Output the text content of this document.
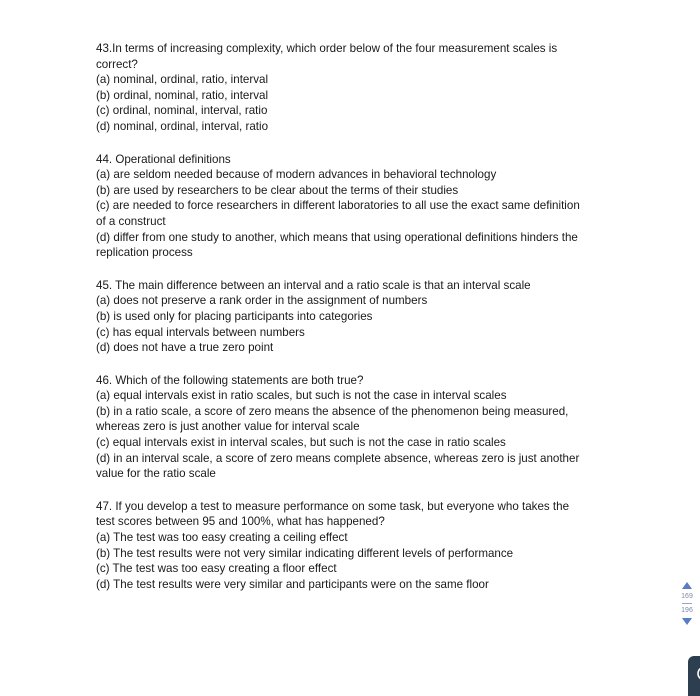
43.In terms of increasing complexity, which order below of the four measurement scales is
correct?
(a) nominal, ordinal, ratio, interval
(b) ordinal, nominal, ratio, interval
(c) ordinal, nominal, interval, ratio
(d) nominal, ordinal, interval, ratio
44. Operational definitions
(a) are seldom needed because of modern advances in behavioral technology
(b) are used by researchers to be clear about the terms of their studies
(c) are needed to force researchers in different laboratories to all use the exact same definition
of a construct
(d) differ from one study to another, which means that using operational definitions hinders the
replication process
45. The main difference between an interval and a ratio scale is that an interval scale
(a) does not preserve a rank order in the assignment of numbers
(b) is used only for placing participants into categories
(c) has equal intervals between numbers
(d) does not have a true zero point
46. Which of the following statements are both true?
(a) equal intervals exist in ratio scales, but such is not the case in interval scales
(b) in a ratio scale, a score of zero means the absence of the phenomenon being measured,
whereas zero is just another value for interval scale
(c) equal intervals exist in interval scales, but such is not the case in ratio scales
(d) in an interval scale, a score of zero means complete absence, whereas zero is just another
value for the ratio scale
47. If you develop a test to measure performance on some task, but everyone who takes the
test scores between 95 and 100%, what has happened?
(a) The test was too easy creating a ceiling effect
(b) The test results were not very similar indicating different levels of performance
(c) The test was too easy creating a floor effect
(d) The test results were very similar and participants were on the same floor
169
196
